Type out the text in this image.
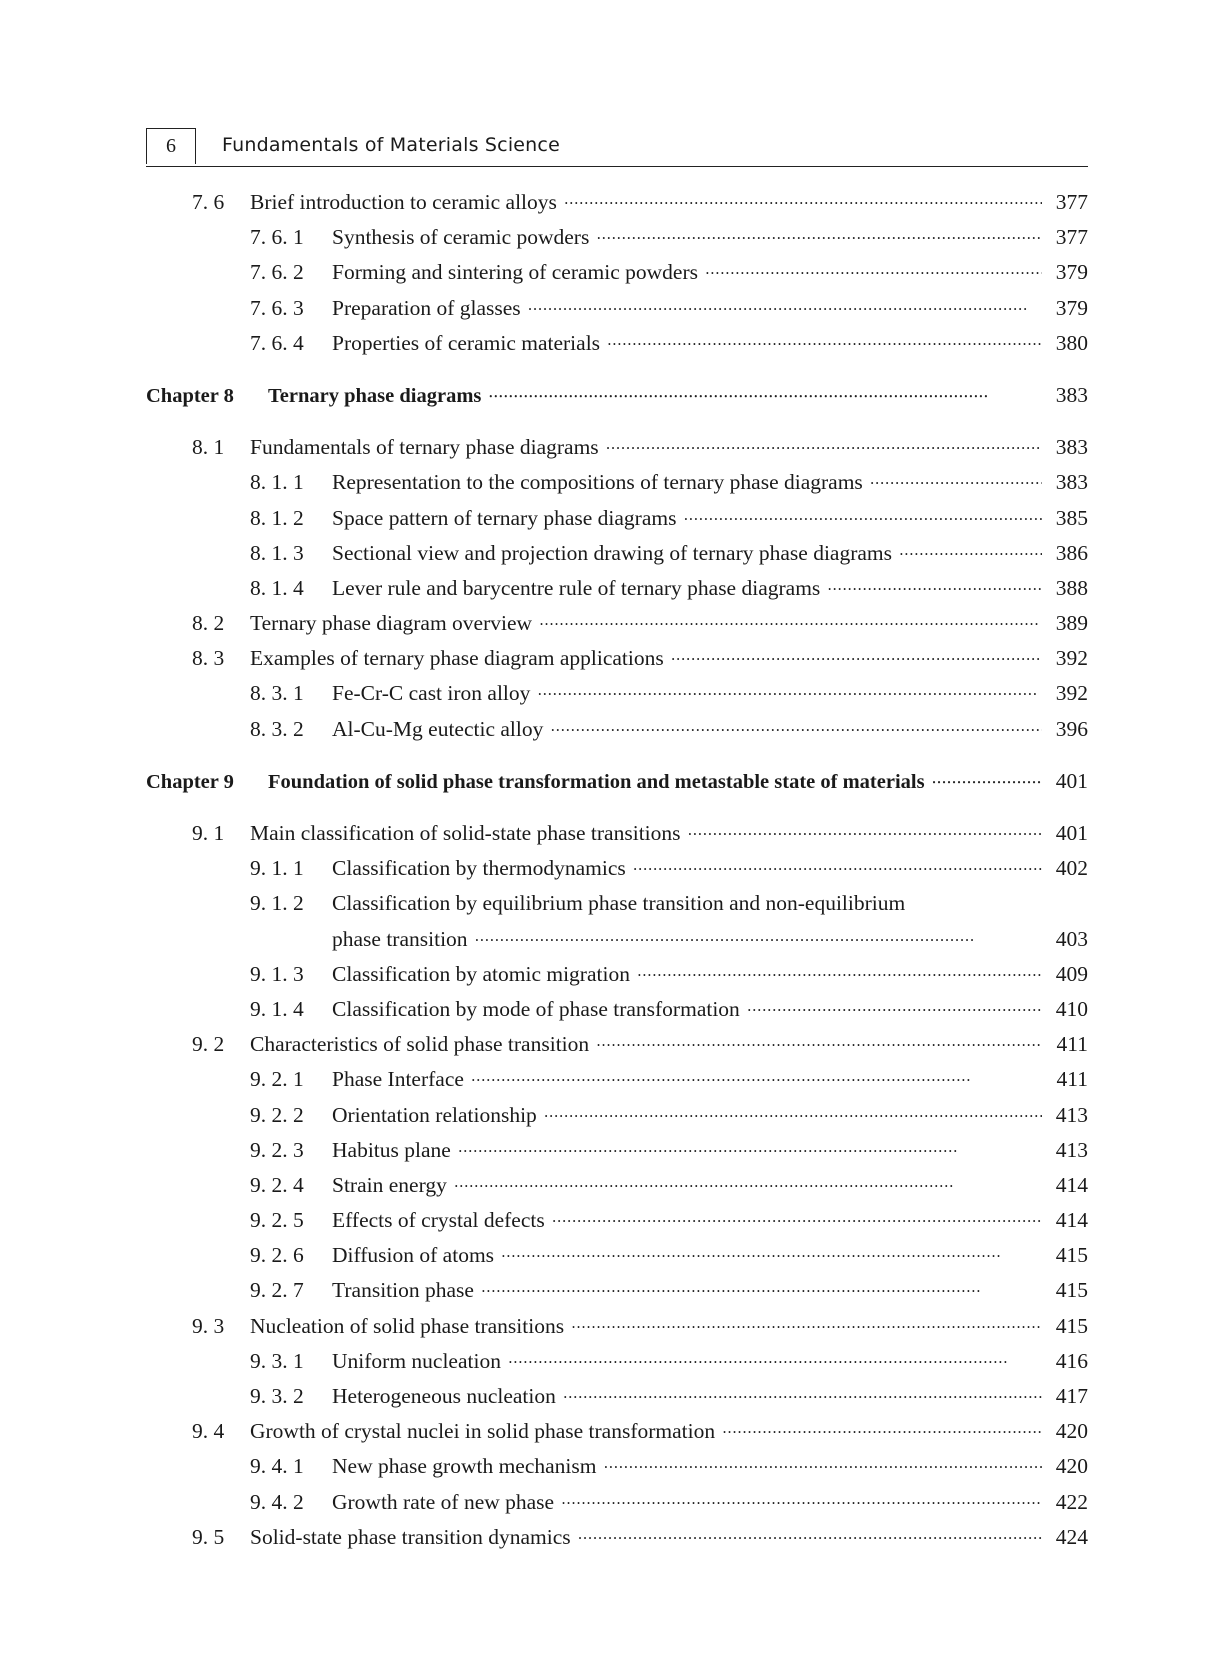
6	Fundamentals of Materials Science
7. 6	Brief introduction to ceramic alloys •••••	377
7. 6. 1	Synthesis of ceramic powders •••••	377
7. 6. 2	Forming and sintering of ceramic powders •••••	379
7. 6. 3	Preparation of glasses •••••	379
7. 6. 4	Properties of ceramic materials •••••	380
Chapter 8	Ternary phase diagrams •••••	383
8. 1	Fundamentals of ternary phase diagrams •••••	383
8. 1. 1	Representation to the compositions of ternary phase diagrams •••••	383
8. 1. 2	Space pattern of ternary phase diagrams •••••	385
8. 1. 3	Sectional view and projection drawing of ternary phase diagrams •••••	386
8. 1. 4	Lever rule and barycentre rule of ternary phase diagrams •••••	388
8. 2	Ternary phase diagram overview •••••	389
8. 3	Examples of ternary phase diagram applications •••••	392
8. 3. 1	Fe-Cr-C cast iron alloy •••••	392
8. 3. 2	Al-Cu-Mg eutectic alloy •••••	396
Chapter 9	Foundation of solid phase transformation and metastable state of materials •••••	401
9. 1	Main classification of solid-state phase transitions •••••	401
9. 1. 1	Classification by thermodynamics •••••	402
9. 1. 2	Classification by equilibrium phase transition and non-equilibrium
phase transition •••••	403
9. 1. 3	Classification by atomic migration •••••	409
9. 1. 4	Classification by mode of phase transformation •••••	410
9. 2	Characteristics of solid phase transition •••••	411
9. 2. 1	Phase Interface •••••	411
9. 2. 2	Orientation relationship •••••	413
9. 2. 3	Habitus plane •••••	413
9. 2. 4	Strain energy •••••	414
9. 2. 5	Effects of crystal defects •••••	414
9. 2. 6	Diffusion of atoms •••••	415
9. 2. 7	Transition phase •••••	415
9. 3	Nucleation of solid phase transitions •••••	415
9. 3. 1	Uniform nucleation •••••	416
9. 3. 2	Heterogeneous nucleation •••••	417
9. 4	Growth of crystal nuclei in solid phase transformation •••••	420
9. 4. 1	New phase growth mechanism •••••	420
9. 4. 2	Growth rate of new phase •••••	422
9. 5	Solid-state phase transition dynamics •••••	424
